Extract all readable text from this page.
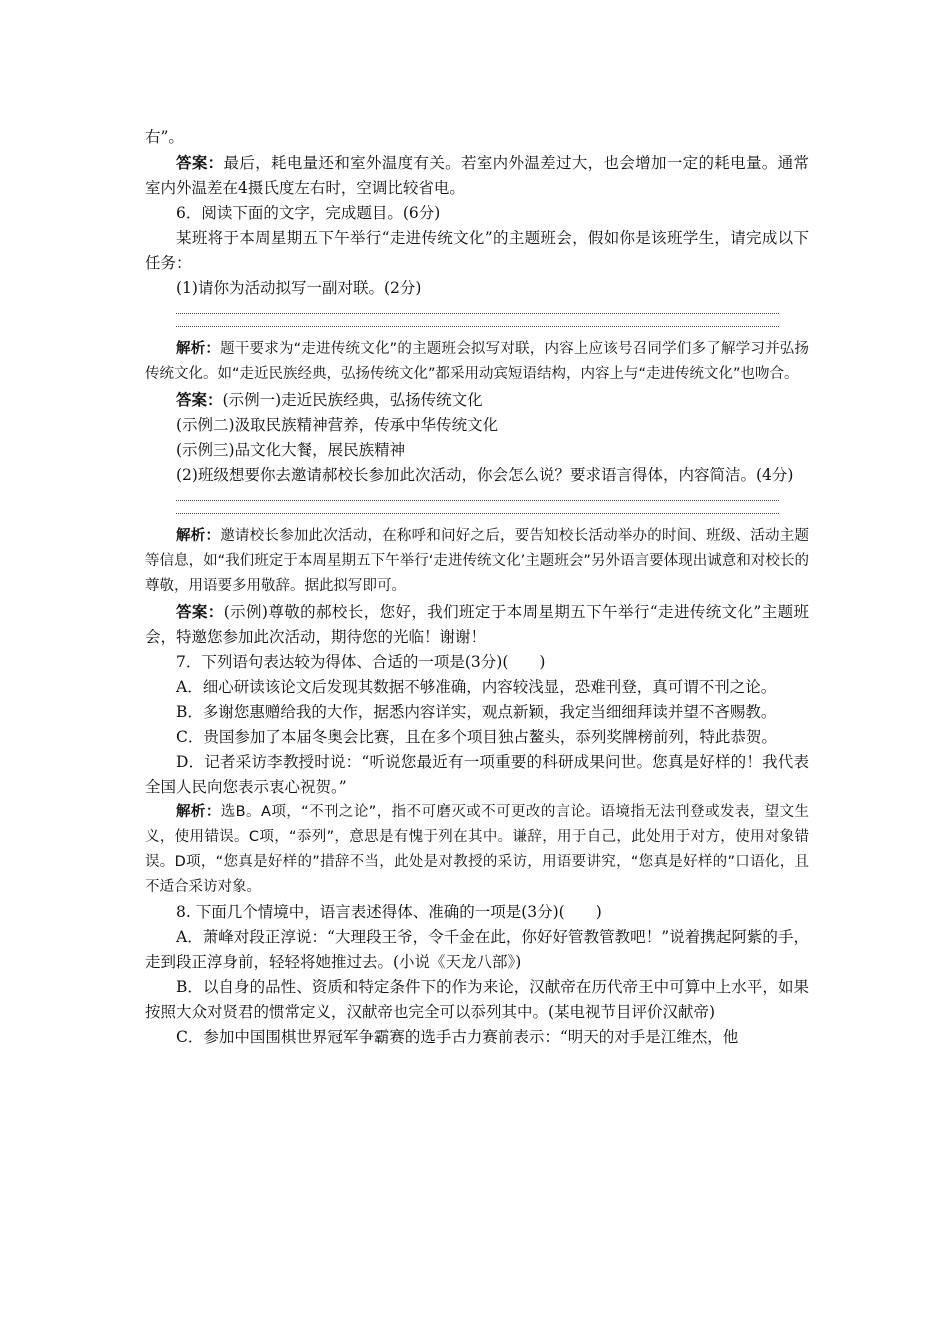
右”。

答案：最后，耗电量还和室外温度有关。若室内外温差过大，也会增加一定的耗电量。通常室内外温差在4摄氏度左右时，空调比较省电。

6．阅读下面的文字，完成题目。(6分)

某班将于本周星期五下午举行“走进传统文化”的主题班会，假如你是该班学生，请完成以下任务：

(1)请你为活动拟写一副对联。(2分)

解析：题干要求为“走进传统文化”的主题班会拟写对联，内容上应该号召同学们多了解学习并弘扬传统文化。如“走近民族经典，弘扬传统文化”都采用动宾短语结构，内容上与“走进传统文化”也吻合。

答案：(示例一)走近民族经典，弘扬传统文化

(示例二)汲取民族精神营养，传承中华传统文化

(示例三)品文化大餐，展民族精神

(2)班级想要你去邀请郝校长参加此次活动，你会怎么说？要求语言得体，内容简洁。(4分)

解析：邀请校长参加此次活动，在称呼和问好之后，要告知校长活动举办的时间、班级、活动主题等信息，如“我们班定于本周星期五下午举行‘走进传统文化’主题班会”另外语言要体现出诚意和对校长的尊敬，用语要多用敬辞。据此拟写即可。

答案：(示例)尊敬的郝校长，您好，我们班定于本周星期五下午举行“走进传统文化”主题班会，特邀您参加此次活动，期待您的光临！谢谢！

7．下列语句表达较为得体、合适的一项是(3分)(　　)

A．细心研读该论文后发现其数据不够准确，内容较浅显，恐难刊登，真可谓不刊之论。

B．多谢您惠赠给我的大作，据悉内容详实，观点新颖，我定当细细拜读并望不吝赐教。

C．贵国参加了本届冬奥会比赛，且在多个项目独占鳌头，忝列奖牌榜前列，特此恭贺。

D．记者采访李教授时说：“听说您最近有一项重要的科研成果问世。您真是好样的！我代表全国人民向您表示衷心祝贺。”

解析：选B。A项，“不刊之论”，指不可磨灭或不可更改的言论。语境指无法刊登或发表，望文生义，使用错误。C项，“忝列”，意思是有愧于列在其中。谦辞，用于自己，此处用于对方，使用对象错误。D项，“您真是好样的”措辞不当，此处是对教授的采访，用语要讲究，“您真是好样的”口语化，且不适合采访对象。

8. 下面几个情境中，语言表述得体、准确的一项是(3分)(　　)

A．萧峰对段正淳说：“大理段王爷，令千金在此，你好好管教管教吧！”说着携起阿紫的手，走到段正淳身前，轻轻将她推过去。(小说《天龙八部》)

B．以自身的品性、资质和特定条件下的作为来论，汉献帝在历代帝王中可算中上水平，如果按照大众对贤君的惯常定义，汉献帝也完全可以忝列其中。(某电视节目评价汉献帝)

C．参加中国围棋世界冠军争霸赛的选手古力赛前表示：“明天的对手是江维杰，他
